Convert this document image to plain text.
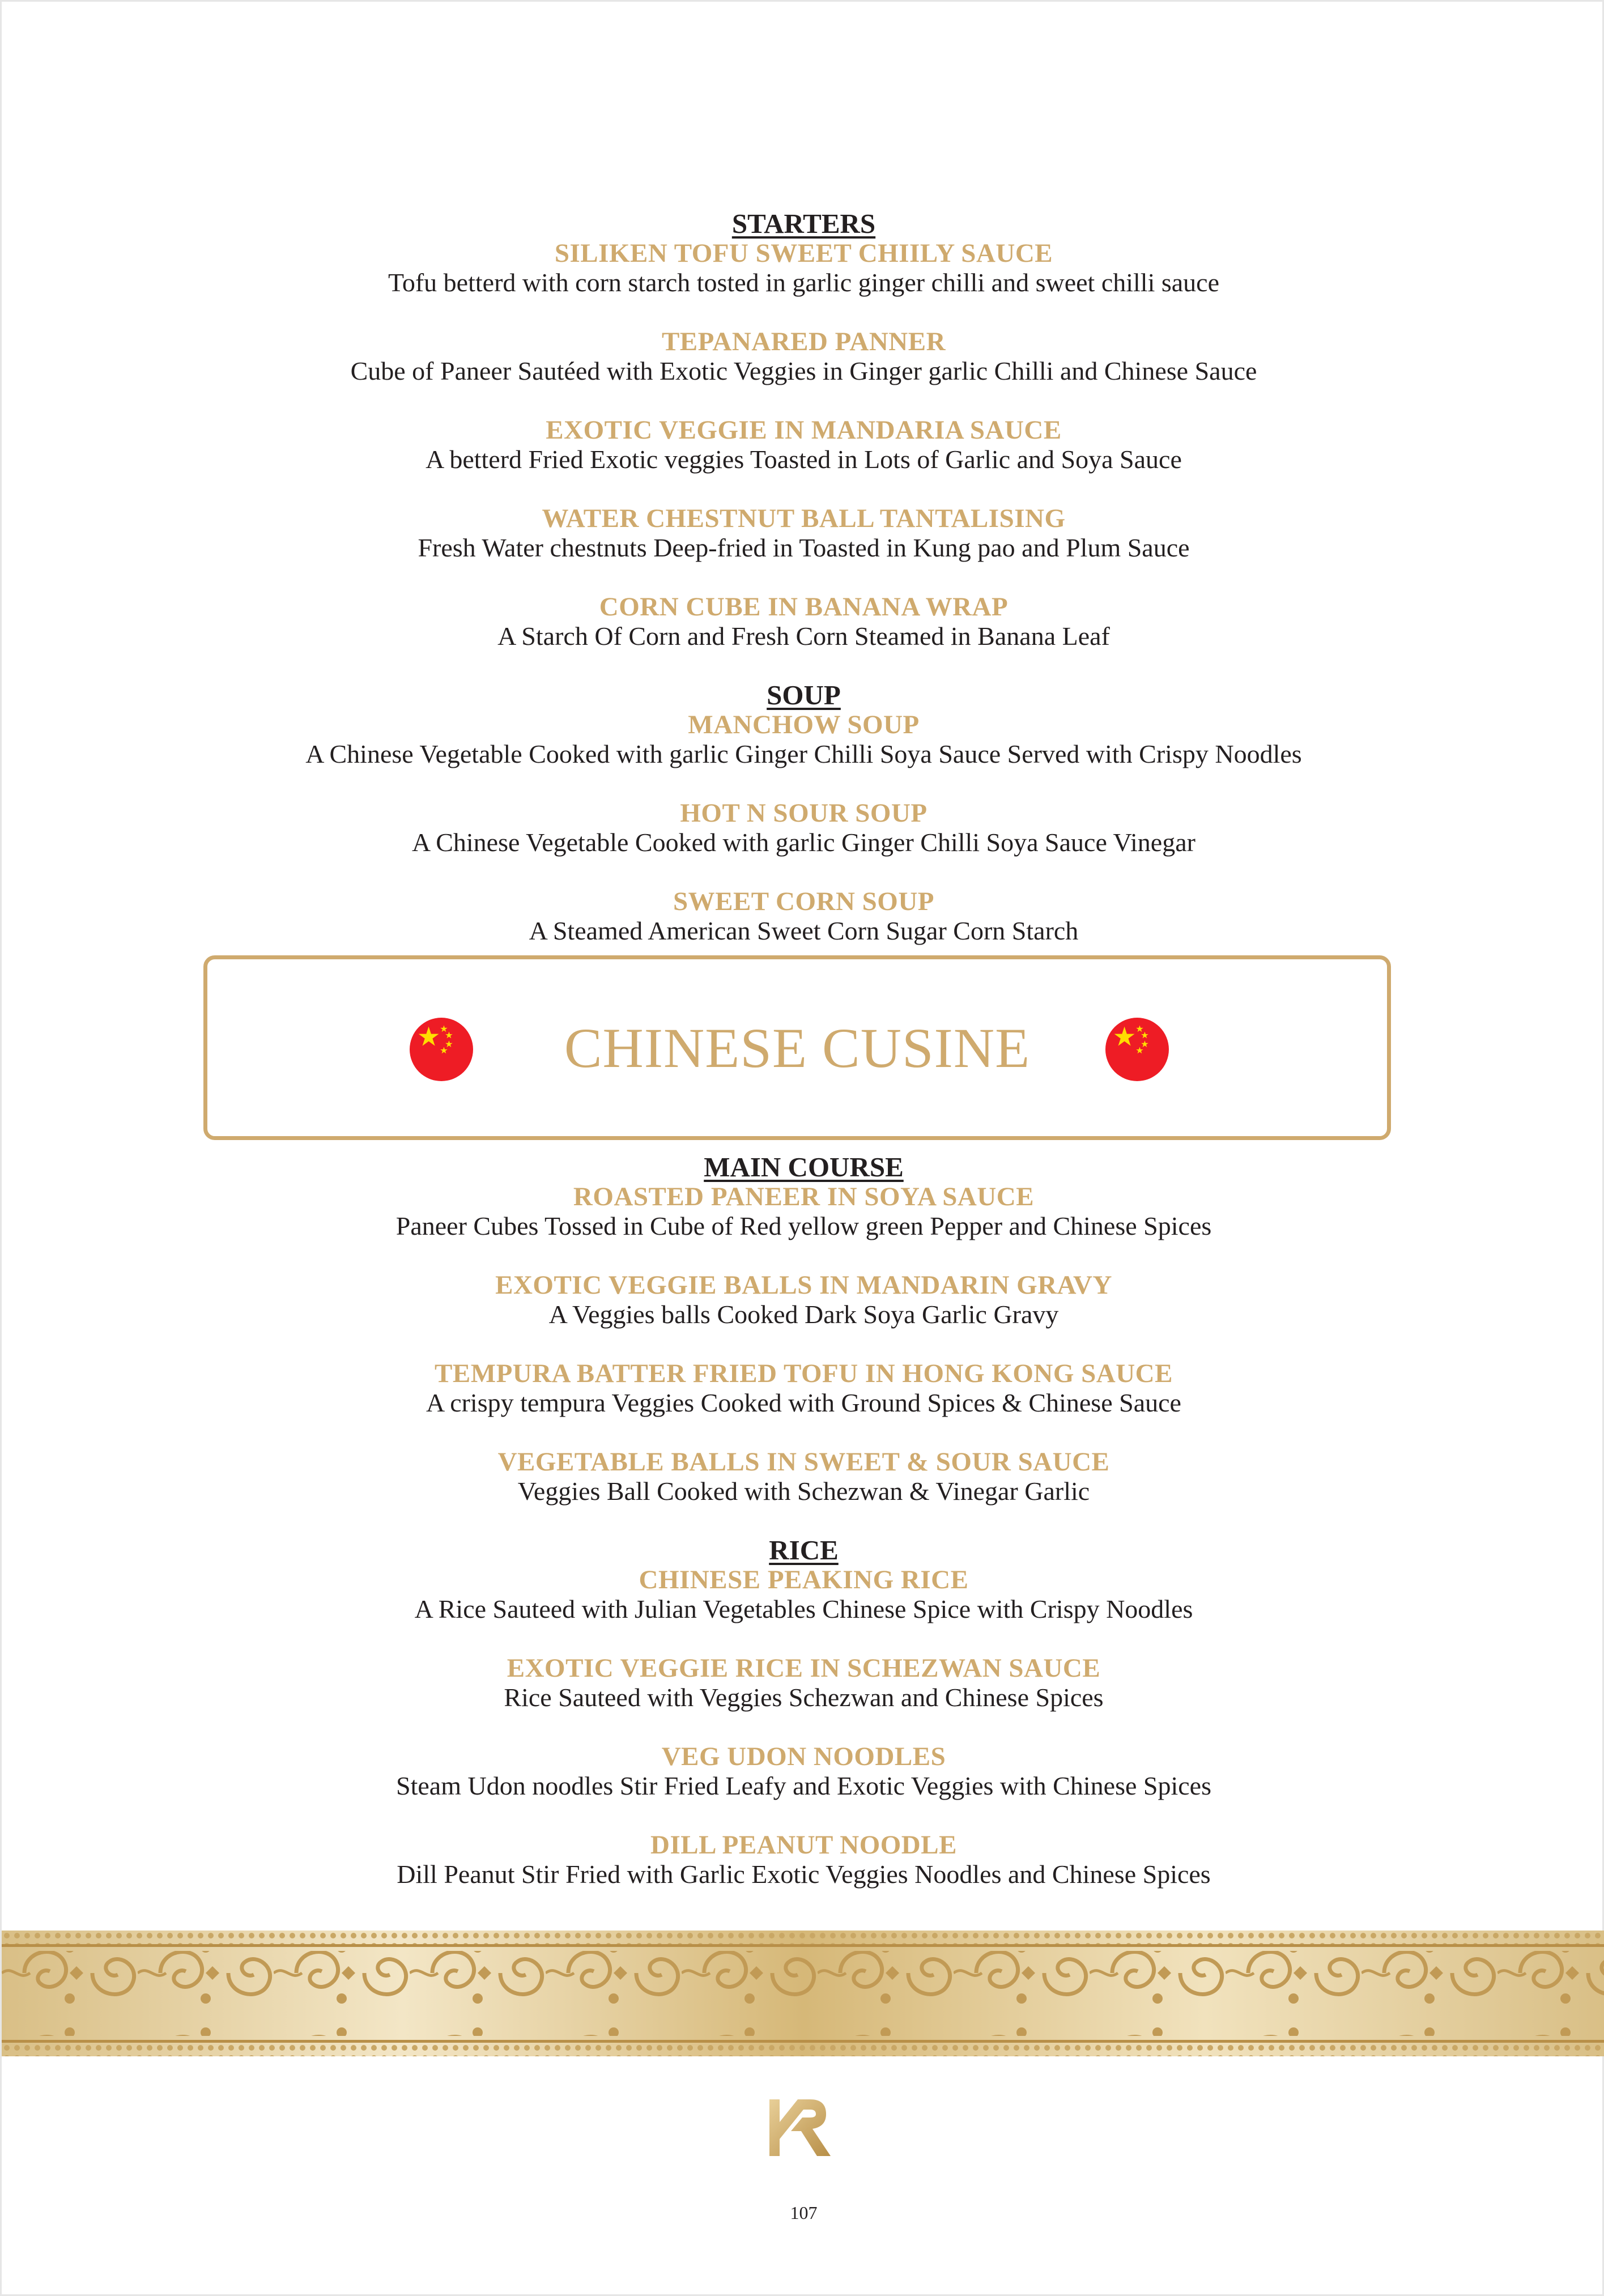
STARTERS
SILIKEN TOFU SWEET CHIILY SAUCE
Tofu betterd with corn starch tosted in garlic ginger chilli and sweet chilli sauce
TEPANARED PANNER
Cube of Paneer Sautéed with Exotic Veggies in Ginger garlic Chilli and Chinese Sauce
EXOTIC VEGGIE IN MANDARIA SAUCE
A betterd Fried Exotic veggies Toasted in Lots of Garlic and Soya Sauce
WATER CHESTNUT BALL TANTALISING
Fresh Water chestnuts Deep-fried in Toasted in Kung pao and Plum Sauce
CORN CUBE IN BANANA WRAP
A Starch Of Corn and Fresh Corn Steamed in Banana Leaf
SOUP
MANCHOW SOUP
A Chinese Vegetable Cooked with garlic Ginger Chilli Soya Sauce Served with Crispy Noodles
HOT N SOUR SOUP
A Chinese Vegetable Cooked with garlic Ginger Chilli Soya Sauce Vinegar
SWEET CORN SOUP
A Steamed American Sweet Corn Sugar Corn Starch
CHINESE CUSINE
MAIN COURSE
ROASTED PANEER IN SOYA SAUCE
Paneer Cubes Tossed in Cube of Red yellow green Pepper and Chinese Spices
EXOTIC VEGGIE BALLS IN MANDARIN GRAVY
A Veggies balls Cooked Dark Soya Garlic Gravy
TEMPURA BATTER FRIED TOFU IN HONG KONG SAUCE
A crispy tempura Veggies Cooked with Ground Spices & Chinese Sauce
VEGETABLE BALLS IN SWEET & SOUR SAUCE
Veggies Ball Cooked with Schezwan & Vinegar Garlic
RICE
CHINESE PEAKING RICE
A Rice Sauteed with Julian Vegetables Chinese Spice with Crispy Noodles
EXOTIC VEGGIE RICE IN SCHEZWAN SAUCE
Rice Sauteed with Veggies Schezwan and Chinese Spices
VEG UDON NOODLES
Steam Udon noodles Stir Fried Leafy and Exotic Veggies with Chinese Spices
DILL PEANUT NOODLE
Dill Peanut Stir Fried with Garlic Exotic Veggies Noodles and Chinese Spices
107
